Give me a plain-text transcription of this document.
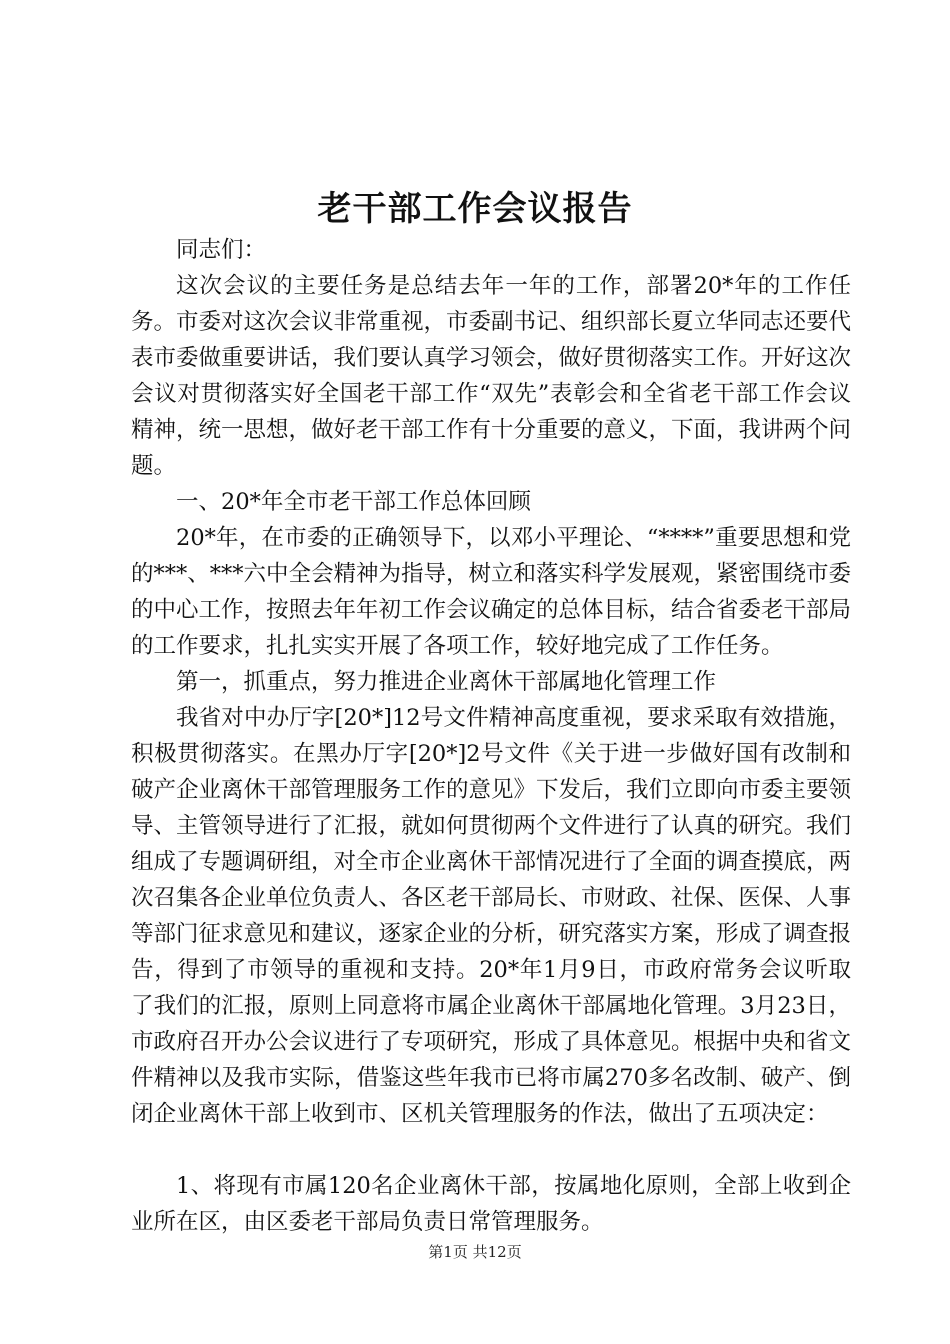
老干部工作会议报告

同志们：

这次会议的主要任务是总结去年一年的工作，部署20*年的工作任务。市委对这次会议非常重视，市委副书记、组织部长夏立华同志还要代表市委做重要讲话，我们要认真学习领会，做好贯彻落实工作。开好这次会议对贯彻落实好全国老干部工作“双先”表彰会和全省老干部工作会议精神，统一思想，做好老干部工作有十分重要的意义，下面，我讲两个问题。

一、20*年全市老干部工作总体回顾

20*年，在市委的正确领导下，以邓小平理论、“****”重要思想和党的***、***六中全会精神为指导，树立和落实科学发展观，紧密围绕市委的中心工作，按照去年年初工作会议确定的总体目标，结合省委老干部局的工作要求，扎扎实实开展了各项工作，较好地完成了工作任务。

第一，抓重点，努力推进企业离休干部属地化管理工作

我省对中办厅字[20*]12号文件精神高度重视，要求采取有效措施，积极贯彻落实。在黑办厅字[20*]2号文件《关于进一步做好国有改制和破产企业离休干部管理服务工作的意见》下发后，我们立即向市委主要领导、主管领导进行了汇报，就如何贯彻两个文件进行了认真的研究。我们组成了专题调研组，对全市企业离休干部情况进行了全面的调查摸底，两次召集各企业单位负责人、各区老干部局长、市财政、社保、医保、人事等部门征求意见和建议，逐家企业的分析，研究落实方案，形成了调查报告，得到了市领导的重视和支持。20*年1月9日，市政府常务会议听取了我们的汇报，原则上同意将市属企业离休干部属地化管理。3月23日，市政府召开办公会议进行了专项研究，形成了具体意见。根据中央和省文件精神以及我市实际，借鉴这些年我市已将市属270多名改制、破产、倒闭企业离休干部上收到市、区机关管理服务的作法，做出了五项决定：

1、将现有市属120名企业离休干部，按属地化原则，全部上收到企业所在区，由区委老干部局负责日常管理服务。

第1页 共12页
